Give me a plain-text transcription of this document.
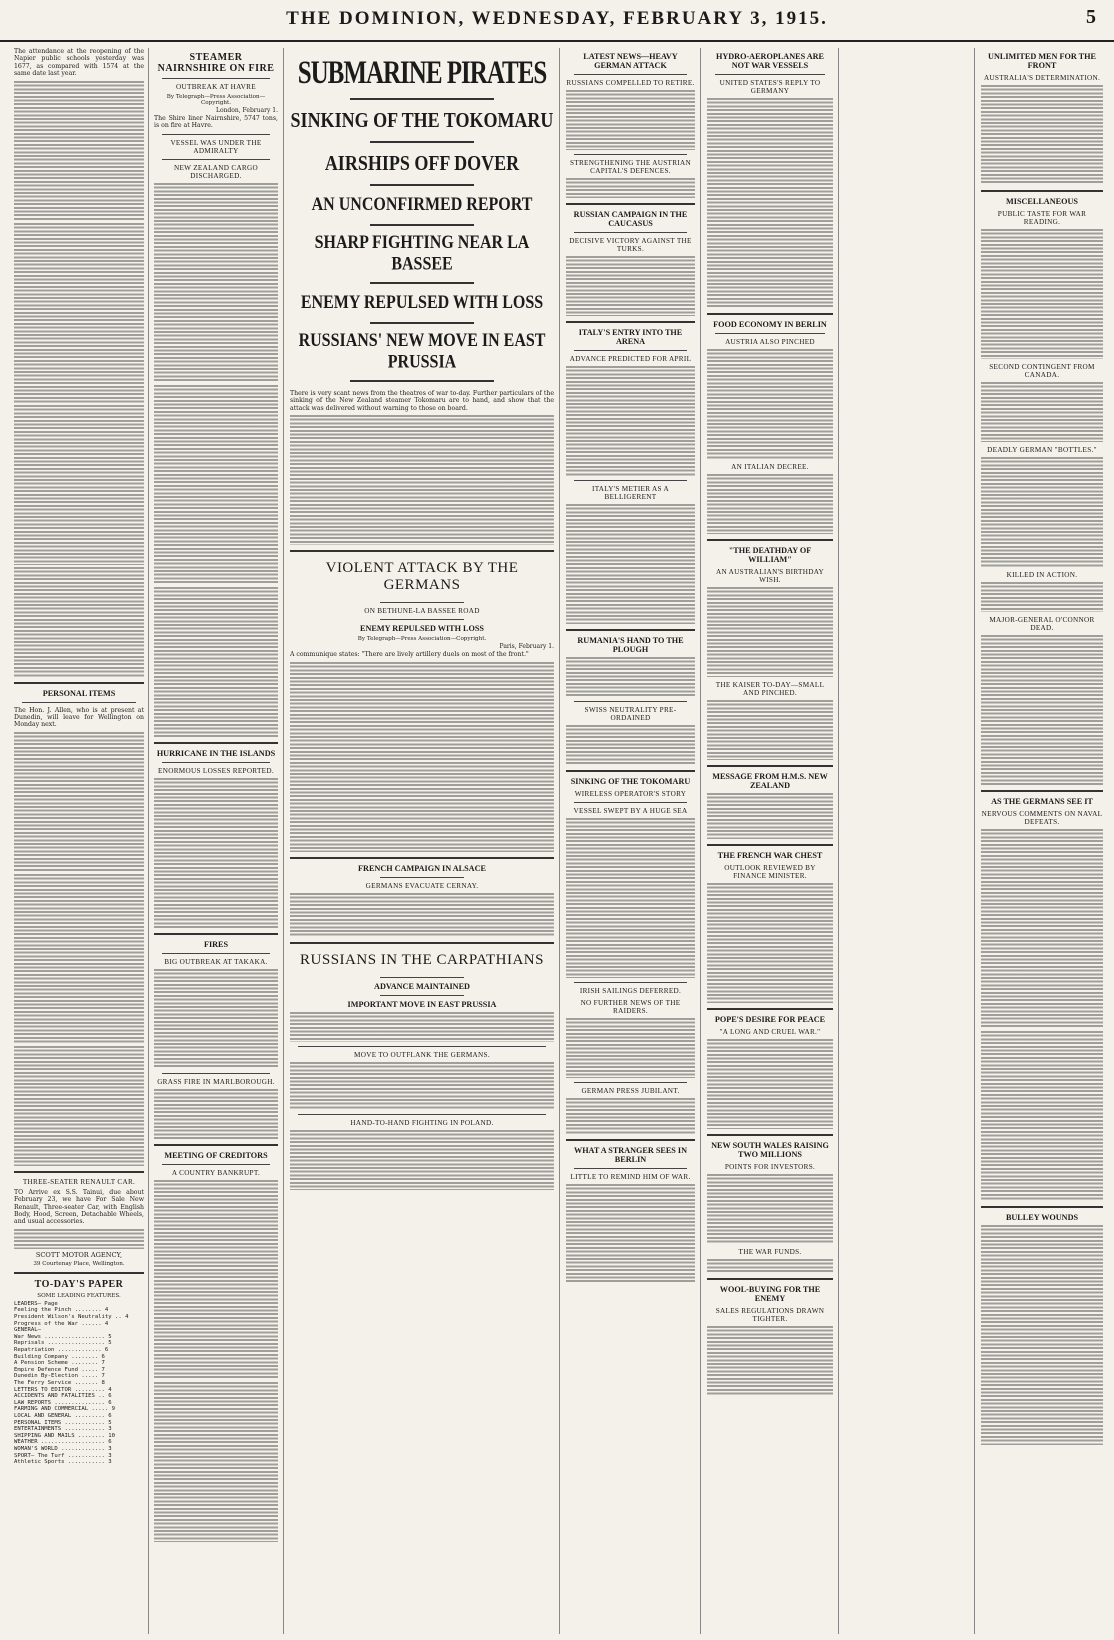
THE DOMINION, WEDNESDAY, FEBRUARY 3, 1915.	5

The attendance at the reopening of the Napier public schools yesterday was 1677, as compared with 1574 at the same date last year.

PERSONAL ITEMS

The Hon. J. Allen, who is at present at Dunedin, will leave for Wellington on Monday next.

THREE-SEATER RENAULT CAR.

TO Arrive ex S.S. Tainui, due about February 23, we have For Sale New Renault, Three-seater Car, with English Body, Hood, Screen, Detachable Wheels, and usual accessories.

SCOTT MOTOR AGENCY,
39 Courtenay Place, Wellington.
TO-DAY'S PAPER
SOME LEADING FEATURES.
LEADERS— Page
Feeling the Pinch ........ 4
President Wilson's Neutrality .. 4
Progress of the War ...... 4
GENERAL—
War News .................. 5
Reprisals ................. 5
Repatriation ............. 6
Building Company ........ 6
A Pension Scheme ........ 7
Empire Defence Fund ..... 7
Dunedin By-Election ..... 7
The Ferry Service ....... 8
LETTERS TO EDITOR ......... 4
ACCIDENTS AND FATALITIES .. 6
LAW REPORTS ............... 6
FARMING AND COMMERCIAL ..... 9
LOCAL AND GENERAL ......... 6
PERSONAL ITEMS ............ 5
ENTERTAINMENTS ............ 3
SHIPPING AND MAILS ........ 10
WEATHER ................... 6
WOMAN'S WORLD ............. 3
SPORT— The Turf ........... 3
Athletic Sports ........... 3
STEAMER NAIRNSHIRE ON FIRE
OUTBREAK AT HAVRE
By Telegraph—Press Association—Copyright.
London, February 1.

The Shire liner Nairnshire, 5747 tons, is on fire at Havre.

VESSEL WAS UNDER THE ADMIRALTY
NEW ZEALAND CARGO DISCHARGED.
HURRICANE IN THE ISLANDS
ENORMOUS LOSSES REPORTED.
FIRES
BIG OUTBREAK AT TAKAKA.
GRASS FIRE IN MARLBOROUGH.
MEETING OF CREDITORS
A COUNTRY BANKRUPT.
SUBMARINE PIRATES
SINKING OF THE TOKOMARU
AIRSHIPS OFF DOVER
AN UNCONFIRMED REPORT
SHARP FIGHTING NEAR LA BASSEE
ENEMY REPULSED WITH LOSS
RUSSIANS' NEW MOVE IN EAST PRUSSIA

There is very scant news from the theatres of war to-day. Further particulars of the sinking of the New Zealand steamer Tokomaru are to hand, and show that the attack was delivered without warning to those on board.

VIOLENT ATTACK BY THE GERMANS
ON BETHUNE-LA BASSEE ROAD
ENEMY REPULSED WITH LOSS
By Telegraph—Press Association—Copyright.
Paris, February 1.

A communique states: "There are lively artillery duels on most of the front."

FRENCH CAMPAIGN IN ALSACE
GERMANS EVACUATE CERNAY.
RUSSIANS IN THE CARPATHIANS
ADVANCE MAINTAINED
IMPORTANT MOVE IN EAST PRUSSIA
MOVE TO OUTFLANK THE GERMANS.
HAND-TO-HAND FIGHTING IN POLAND.
LATEST NEWS—HEAVY GERMAN ATTACK
RUSSIANS COMPELLED TO RETIRE.
STRENGTHENING THE AUSTRIAN CAPITAL'S DEFENCES.
RUSSIAN CAMPAIGN IN THE CAUCASUS
DECISIVE VICTORY AGAINST THE TURKS.
ITALY'S ENTRY INTO THE ARENA
ADVANCE PREDICTED FOR APRIL
ITALY'S METIER AS A BELLIGERENT
RUMANIA'S HAND TO THE PLOUGH
SWISS NEUTRALITY PRE-ORDAINED
SINKING OF THE TOKOMARU
WIRELESS OPERATOR'S STORY
VESSEL SWEPT BY A HUGE SEA
IRISH SAILINGS DEFERRED.
NO FURTHER NEWS OF THE RAIDERS.
GERMAN PRESS JUBILANT.
WHAT A STRANGER SEES IN BERLIN
LITTLE TO REMIND HIM OF WAR.
HYDRO-AEROPLANES ARE NOT WAR VESSELS
UNITED STATES'S REPLY TO GERMANY
FOOD ECONOMY IN BERLIN
AUSTRIA ALSO PINCHED
AN ITALIAN DECREE.
"THE DEATHDAY OF WILLIAM"
AN AUSTRALIAN'S BIRTHDAY WISH.
THE KAISER TO-DAY—SMALL AND PINCHED.
MESSAGE FROM H.M.S. NEW ZEALAND
THE FRENCH WAR CHEST
OUTLOOK REVIEWED BY FINANCE MINISTER.
POPE'S DESIRE FOR PEACE
"A LONG AND CRUEL WAR."
NEW SOUTH WALES RAISING TWO MILLIONS
POINTS FOR INVESTORS.
THE WAR FUNDS.
WOOL-BUYING FOR THE ENEMY
SALES REGULATIONS DRAWN TIGHTER.
UNLIMITED MEN FOR THE FRONT
AUSTRALIA'S DETERMINATION.
MISCELLANEOUS
PUBLIC TASTE FOR WAR READING.
SECOND CONTINGENT FROM CANADA.
DEADLY GERMAN "BOTTLES."
KILLED IN ACTION.
MAJOR-GENERAL O'CONNOR DEAD.
AS THE GERMANS SEE IT
NERVOUS COMMENTS ON NAVAL DEFEATS.
BULLEY WOUNDS
